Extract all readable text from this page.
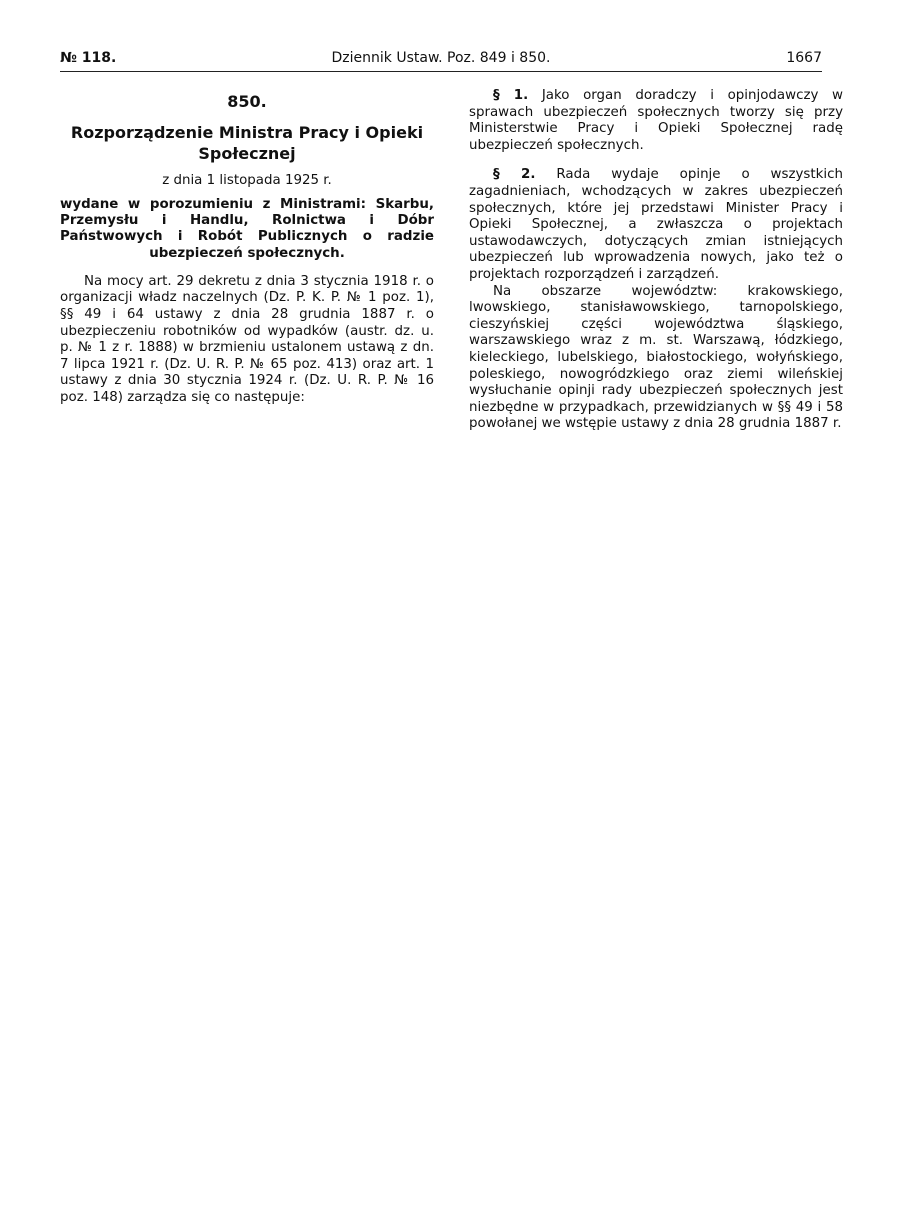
№ 118.	Dziennik Ustaw. Poz. 849 i 850.	1667
850.
Rozporządzenie Ministra Pracy i Opieki Społecznej
z dnia 1 listopada 1925 r.
wydane w porozumieniu z Ministrami: Skarbu, Przemysłu i Handlu, Rolnictwa i Dóbr Państwowych i Robót Publicznych o radzie ubezpieczeń społecznych.

Na mocy art. 29 dekretu z dnia 3 stycznia 1918 r. o organizacji władz naczelnych (Dz. P. K. P. № 1 poz. 1), §§ 49 i 64 ustawy z dnia 28 grudnia 1887 r. o ubezpieczeniu robotników od wypadków (austr. dz. u. p. № 1 z r. 1888) w brzmieniu ustalonem ustawą z dn. 7 lipca 1921 r. (Dz. U. R. P. № 65 poz. 413) oraz art. 1 ustawy z dnia 30 stycznia 1924 r. (Dz. U. R. P. № 16 poz. 148) zarządza się co następuje:

§ 1. Jako organ doradczy i opinjodawczy w sprawach ubezpieczeń społecznych tworzy się przy Ministerstwie Pracy i Opieki Społecznej radę ubezpieczeń społecznych.

§ 2. Rada wydaje opinje o wszystkich zagadnieniach, wchodzących w zakres ubezpieczeń społecznych, które jej przedstawi Minister Pracy i Opieki Społecznej, a zwłaszcza o projektach ustawodawczych, dotyczących zmian istniejących ubezpieczeń lub wprowadzenia nowych, jako też o projektach rozporządzeń i zarządzeń.

Na obszarze województw: krakowskiego, lwowskiego, stanisławowskiego, tarnopolskiego, cieszyńskiej części województwa śląskiego, warszawskiego wraz z m. st. Warszawą, łódzkiego, kieleckiego, lubelskiego, białostockiego, wołyńskiego, poleskiego, nowogródzkiego oraz ziemi wileńskiej wysłuchanie opinji rady ubezpieczeń społecznych jest niezbędne w przypadkach, przewidzianych w §§ 49 i 58 powołanej we wstępie ustawy z dnia 28 grudnia 1887 r.
